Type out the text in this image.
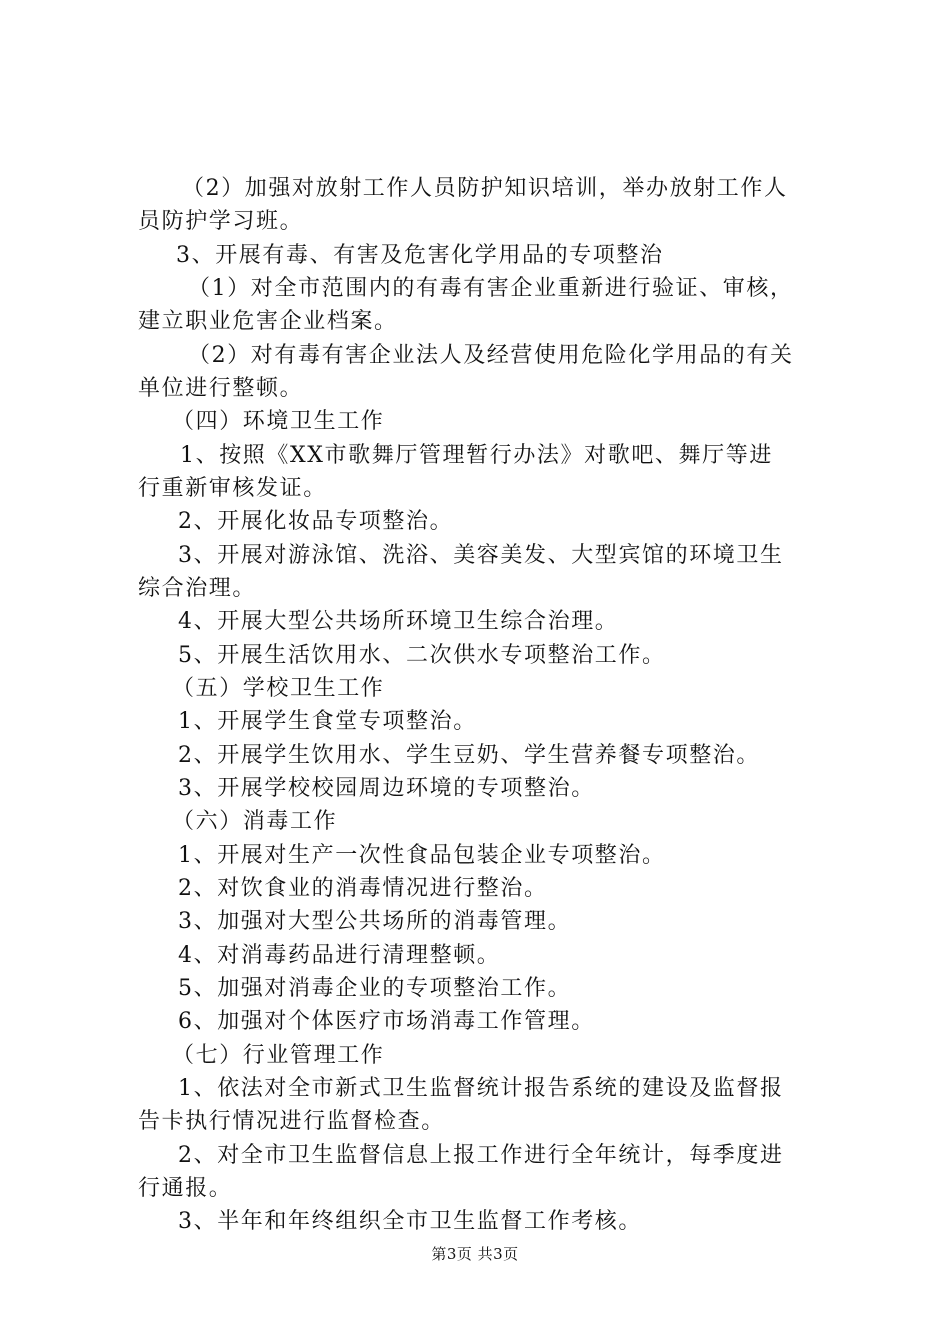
（2）加强对放射工作人员防护知识培训，举办放射工作人
员防护学习班。
3、开展有毒、有害及危害化学用品的专项整治
（1）对全市范围内的有毒有害企业重新进行验证、审核，
建立职业危害企业档案。
（2）对有毒有害企业法人及经营使用危险化学用品的有关
单位进行整顿。
（四）环境卫生工作
1、按照《XX市歌舞厅管理暂行办法》对歌吧、舞厅等进
行重新审核发证。
2、开展化妆品专项整治。
3、开展对游泳馆、洗浴、美容美发、大型宾馆的环境卫生
综合治理。
4、开展大型公共场所环境卫生综合治理。
5、开展生活饮用水、二次供水专项整治工作。
（五）学校卫生工作
1、开展学生食堂专项整治。
2、开展学生饮用水、学生豆奶、学生营养餐专项整治。
3、开展学校校园周边环境的专项整治。
（六）消毒工作
1、开展对生产一次性食品包装企业专项整治。
2、对饮食业的消毒情况进行整治。
3、加强对大型公共场所的消毒管理。
4、对消毒药品进行清理整顿。
5、加强对消毒企业的专项整治工作。
6、加强对个体医疗市场消毒工作管理。
（七）行业管理工作
1、依法对全市新式卫生监督统计报告系统的建设及监督报
告卡执行情况进行监督检查。
2、对全市卫生监督信息上报工作进行全年统计，每季度进
行通报。
3、半年和年终组织全市卫生监督工作考核。
第3页 共3页
